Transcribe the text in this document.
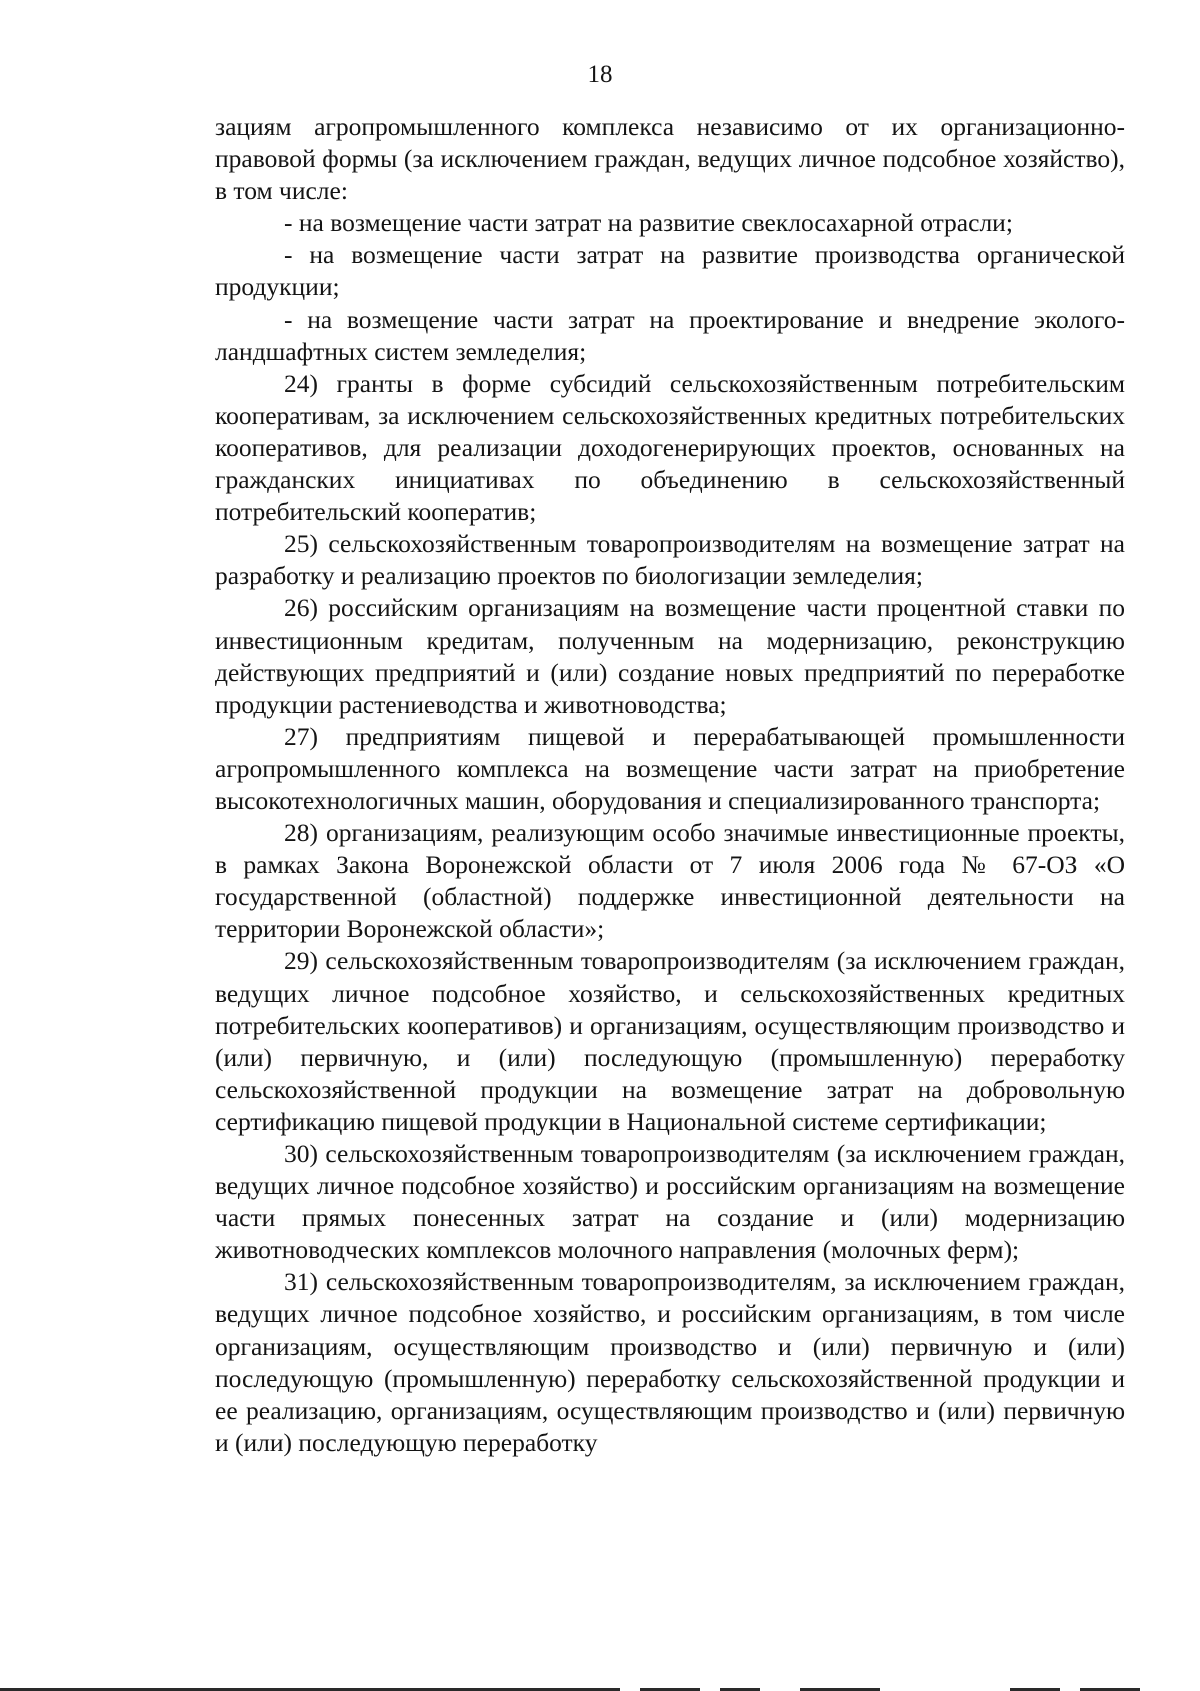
18

зациям агропромышленного комплекса независимо от их организационно-правовой формы (за исключением граждан, ведущих личное подсобное хозяйство), в том числе:

- на возмещение части затрат на развитие свеклосахарной отрасли;

- на возмещение части затрат на развитие производства органической продукции;

- на возмещение части затрат на проектирование и внедрение эколого-ландшафтных систем земледелия;

24) гранты в форме субсидий сельскохозяйственным потребительским кооперативам, за исключением сельскохозяйственных кредитных потребительских кооперативов, для реализации доходогенерирующих проектов, основанных на гражданских инициативах по объединению в сельскохозяйственный потребительский кооператив;

25) сельскохозяйственным товаропроизводителям на возмещение затрат на разработку и реализацию проектов по биологизации земледелия;

26) российским организациям на возмещение части процентной ставки по инвестиционным кредитам, полученным на модернизацию, реконструкцию действующих предприятий и (или) создание новых предприятий по переработке продукции растениеводства и животноводства;

27) предприятиям пищевой и перерабатывающей промышленности агропромышленного комплекса на возмещение части затрат на приобретение высокотехнологичных машин, оборудования и специализированного транспорта;

28) организациям, реализующим особо значимые инвестиционные проекты, в рамках Закона Воронежской области от 7 июля 2006 года № 67-ОЗ «О государственной (областной) поддержке инвестиционной деятельности на территории Воронежской области»;

29) сельскохозяйственным товаропроизводителям (за исключением граждан, ведущих личное подсобное хозяйство, и сельскохозяйственных кредитных потребительских кооперативов) и организациям, осуществляющим производство и (или) первичную, и (или) последующую (промышленную) переработку сельскохозяйственной продукции на возмещение затрат на добровольную сертификацию пищевой продукции в Национальной системе сертификации;

30) сельскохозяйственным товаропроизводителям (за исключением граждан, ведущих личное подсобное хозяйство) и российским организациям на возмещение части прямых понесенных затрат на создание и (или) модернизацию животноводческих комплексов молочного направления (молочных ферм);

31) сельскохозяйственным товаропроизводителям, за исключением граждан, ведущих личное подсобное хозяйство, и российским организациям, в том числе организациям, осуществляющим производство и (или) первичную и (или) последующую (промышленную) переработку сельскохозяйственной продукции и ее реализацию, организациям, осуществляющим производство и (или) первичную и (или) последующую переработку
